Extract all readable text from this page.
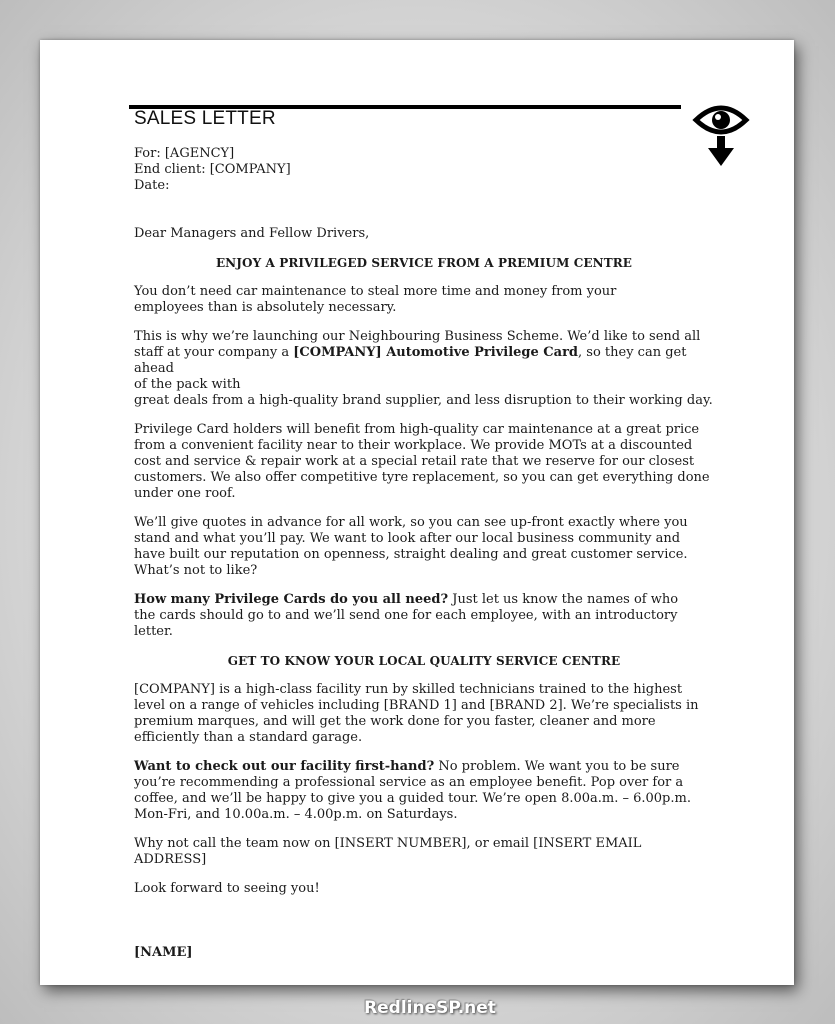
SALES LETTER

For: [AGENCY]

End client: [COMPANY]

Date:

Dear Managers and Fellow Drivers,

ENJOY A PRIVILEGED SERVICE FROM A PREMIUM CENTRE

You don’t need car maintenance to steal more time and money from your
employees than is absolutely necessary.

This is why we’re launching our Neighbouring Business Scheme. We’d like to send all
staff at your company a [COMPANY] Automotive Privilege Card, so they can get ahead
of the pack with
great deals from a high-quality brand supplier, and less disruption to their working day.

Privilege Card holders will benefit from high-quality car maintenance at a great price
from a convenient facility near to their workplace. We provide MOTs at a discounted
cost and service & repair work at a special retail rate that we reserve for our closest
customers. We also offer competitive tyre replacement, so you can get everything done
under one roof.

We’ll give quotes in advance for all work, so you can see up-front exactly where you
stand and what you’ll pay. We want to look after our local business community and
have built our reputation on openness, straight dealing and great customer service.
What’s not to like?

How many Privilege Cards do you all need? Just let us know the names of who
the cards should go to and we’ll send one for each employee, with an introductory
letter.

GET TO KNOW YOUR LOCAL QUALITY SERVICE CENTRE

[COMPANY] is a high-class facility run by skilled technicians trained to the highest
level on a range of vehicles including [BRAND 1] and [BRAND 2]. We’re specialists in
premium marques, and will get the work done for you faster, cleaner and more
efficiently than a standard garage.

Want to check out our facility first-hand? No problem. We want you to be sure
you’re recommending a professional service as an employee benefit. Pop over for a
coffee, and we’ll be happy to give you a guided tour. We’re open 8.00a.m. – 6.00p.m.
Mon-Fri, and 10.00a.m. – 4.00p.m. on Saturdays.

Why not call the team now on [INSERT NUMBER], or email [INSERT EMAIL ADDRESS]

Look forward to seeing you!

[NAME]

RedlineSP.net
